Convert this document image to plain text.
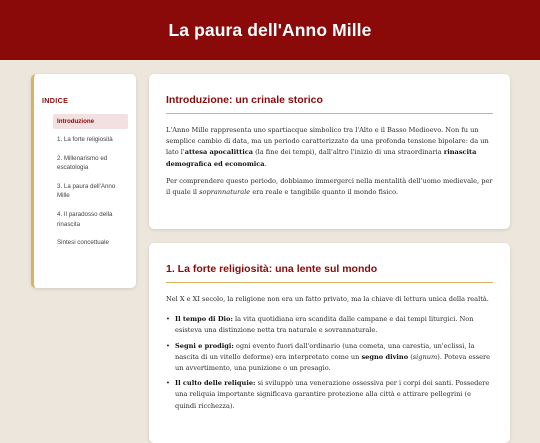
La paura dell'Anno Mille
INDICE
Introduzione
1. La forte religiosità
2. Millenarismo ed escatologia
3. La paura dell'Anno Mille
4. Il paradosso della rinascita
Sintesi concettuale
Introduzione: un crinale storico

L'Anno Mille rappresenta uno spartiacque simbolico tra l'Alto e il Basso Medioevo. Non fu un semplice cambio di data, ma un periodo caratterizzato da una profonda tensione bipolare: da un lato l'attesa apocalittica (la fine dei tempi), dall'altro l'inizio di una straordinaria rinascita demografica ed economica.

Per comprendere questo periodo, dobbiamo immergerci nella mentalità dell'uomo medievale, per il quale il soprannaturale era reale e tangibile quanto il mondo fisico.

1. La forte religiosità: una lente sul mondo

Nel X e XI secolo, la religione non era un fatto privato, ma la chiave di lettura unica della realtà.

• Il tempo di Dio: la vita quotidiana era scandita dalle campane e dai tempi liturgici. Non esisteva una distinzione netta tra naturale e sovrannaturale.
• Segni e prodigi: ogni evento fuori dall'ordinario (una cometa, una carestia, un'eclissi, la nascita di un vitello deforme) era interpretato come un segno divino (signum). Poteva essere un avvertimento, una punizione o un presagio.
• Il culto delle reliquie: si sviluppò una venerazione ossessiva per i corpi dei santi. Possedere una reliquia importante significava garantire protezione alla città e attirare pellegrini (e quindi ricchezza).
